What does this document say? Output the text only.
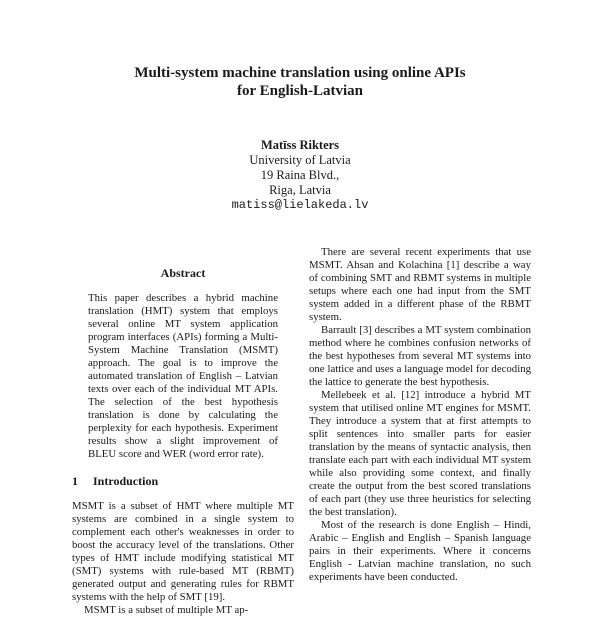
Multi-system machine translation using online APIs
for English-Latvian
Matīss Rikters
University of Latvia
19 Raina Blvd.,
Riga, Latvia
matiss@lielakeda.lv
Abstract

This paper describes a hybrid machine translation (HMT) system that employs several online MT system application program interfaces (APIs) forming a Multi-System Machine Translation (MSMT) approach. The goal is to improve the automated translation of English – Latvian texts over each of the individual MT APIs. The selection of the best hypothesis translation is done by calculating the perplexity for each hypothesis. Experiment results show a slight improvement of BLEU score and WER (word error rate).

1 Introduction

MSMT is a subset of HMT where multiple MT systems are combined in a single system to complement each other's weaknesses in order to boost the accuracy level of the translations. Other types of HMT include modifying statistical MT (SMT) systems with rule-based MT (RBMT) generated output and generating rules for RBMT systems with the help of SMT [19].

MSMT is a subset of multiple MT ap-

There are several recent experiments that use MSMT. Ahsan and Kolachina [1] describe a way of combining SMT and RBMT systems in multiple setups where each one had input from the SMT system added in a different phase of the RBMT system.

Barrault [3] describes a MT system combination method where he combines confusion networks of the best hypotheses from several MT systems into one lattice and uses a language model for decoding the lattice to generate the best hypothesis.

Mellebeek et al. [12] introduce a hybrid MT system that utilised online MT engines for MSMT. They introduce a system that at first attempts to split sentences into smaller parts for easier translation by the means of syntactic analysis, then translate each part with each individual MT system while also providing some context, and finally create the output from the best scored translations of each part (they use three heuristics for selecting the best translation).

Most of the research is done English – Hindi, Arabic – English and English – Spanish language pairs in their experiments. Where it concerns English - Latvian machine translation, no such experiments have been conducted.
